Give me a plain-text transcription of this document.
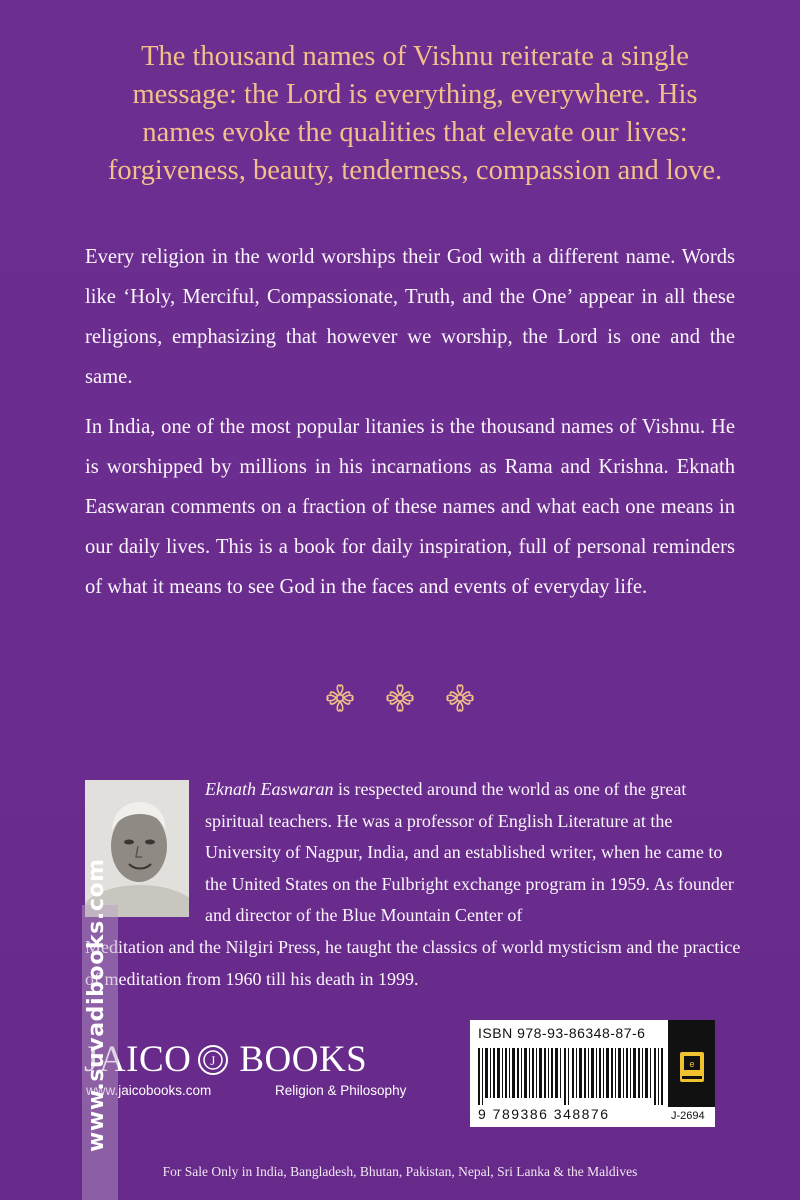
The thousand names of Vishnu reiterate a single message: the Lord is everything, everywhere. His names evoke the qualities that elevate our lives: forgiveness, beauty, tenderness, compassion and love.

Every religion in the world worships their God with a different name. Words like ‘Holy, Merciful, Compassionate, Truth, and the One’ appear in all these religions, emphasizing that however we worship, the Lord is one and the same.

In India, one of the most popular litanies is the thousand names of Vishnu. He is worshipped by millions in his incarnations as Rama and Krishna. Eknath Easwaran comments on a fraction of these names and what each one means in our daily lives. This is a book for daily inspiration, full of personal reminders of what it means to see God in the faces and events of everyday life.

Eknath Easwaran is respected around the world as one of the great spiritual teachers. He was a professor of English Literature at the University of Nagpur, India, and an established writer, when he came to the United States on the Fulbright exchange program in 1959. As founder and director of the Blue Mountain Center of

Meditation and the Nilgiri Press, he taught the classics of world mysticism and the practice of meditation from 1960 till his death in 1999.

JAICO J BOOKS
www.jaicobooks.com	Religion & Philosophy
ISBN 978-93-86348-87-6
9 789386 348876
e
J-2694
For Sale Only in India, Bangladesh, Bhutan, Pakistan, Nepal, Sri Lanka & the Maldives
www.suvadibooks.com
